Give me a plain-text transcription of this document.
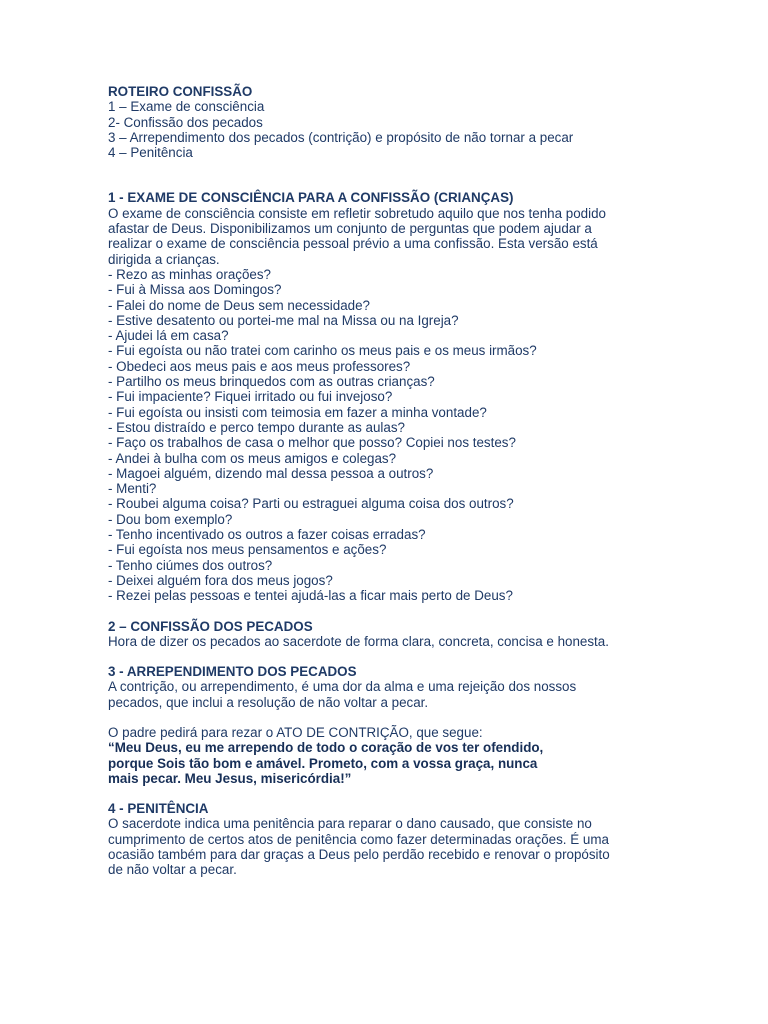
ROTEIRO CONFISSÃO
1 – Exame de consciência
2- Confissão dos pecados
3 – Arrependimento dos pecados (contrição) e propósito de não tornar a pecar
4 – Penitência
1 - EXAME DE CONSCIÊNCIA PARA A CONFISSÃO (CRIANÇAS)
O exame de consciência consiste em refletir sobretudo aquilo que nos tenha podido
afastar de Deus. Disponibilizamos um conjunto de perguntas que podem ajudar a
realizar o exame de consciência pessoal prévio a uma confissão. Esta versão está
dirigida a crianças.
- Rezo as minhas orações?
- Fui à Missa aos Domingos?
- Falei do nome de Deus sem necessidade?
- Estive desatento ou portei-me mal na Missa ou na Igreja?
- Ajudei lá em casa?
- Fui egoísta ou não tratei com carinho os meus pais e os meus irmãos?
- Obedeci aos meus pais e aos meus professores?
- Partilho os meus brinquedos com as outras crianças?
- Fui impaciente? Fiquei irritado ou fui invejoso?
- Fui egoísta ou insisti com teimosia em fazer a minha vontade?
- Estou distraído e perco tempo durante as aulas?
- Faço os trabalhos de casa o melhor que posso? Copiei nos testes?
- Andei à bulha com os meus amigos e colegas?
- Magoei alguém, dizendo mal dessa pessoa a outros?
- Menti?
- Roubei alguma coisa? Parti ou estraguei alguma coisa dos outros?
- Dou bom exemplo?
- Tenho incentivado os outros a fazer coisas erradas?
- Fui egoísta nos meus pensamentos e ações?
- Tenho ciúmes dos outros?
- Deixei alguém fora dos meus jogos?
- Rezei pelas pessoas e tentei ajudá-las a ficar mais perto de Deus?
2 – CONFISSÃO DOS PECADOS
Hora de dizer os pecados ao sacerdote de forma clara, concreta, concisa e honesta.
3 - ARREPENDIMENTO DOS PECADOS
A contrição, ou arrependimento, é uma dor da alma e uma rejeição dos nossos
pecados, que inclui a resolução de não voltar a pecar.
O padre pedirá para rezar o ATO DE CONTRIÇÃO, que segue:
“Meu Deus, eu me arrependo de todo o coração de vos ter ofendido,
porque Sois tão bom e amável. Prometo, com a vossa graça, nunca
mais pecar. Meu Jesus, misericórdia!”
4 - PENITÊNCIA
O sacerdote indica uma penitência para reparar o dano causado, que consiste no
cumprimento de certos atos de penitência como fazer determinadas orações. É uma
ocasião também para dar graças a Deus pelo perdão recebido e renovar o propósito
de não voltar a pecar.
